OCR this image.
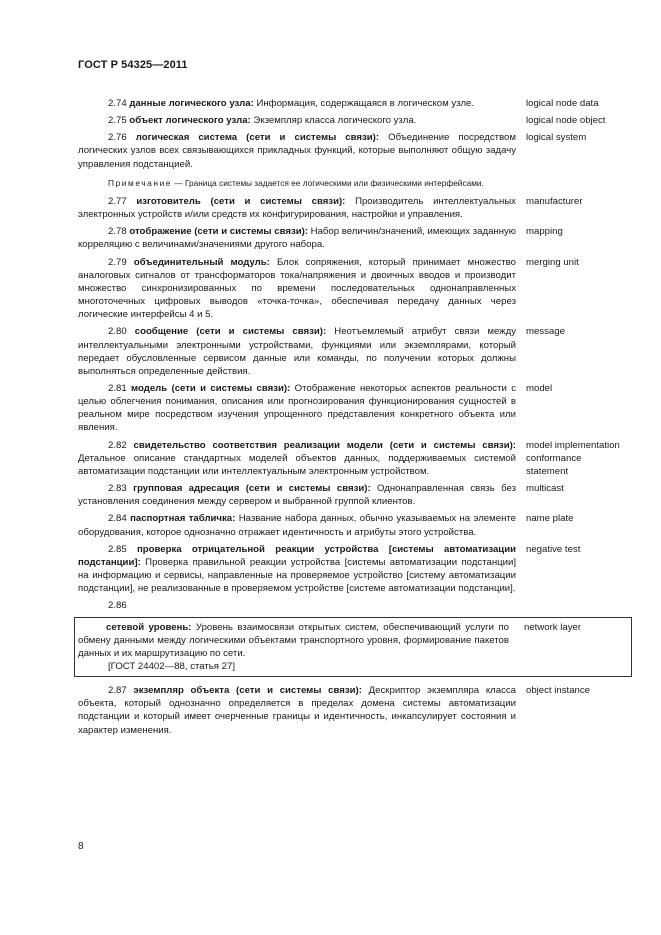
ГОСТ Р 54325—2011

2.74 данные логического узла: Информация, содержащаяся в логическом узле.	logical node data

2.75 объект логического узла: Экземпляр класса логического узла.	logical node object

2.76 логическая система (сети и системы связи): Объединение посредством логических узлов всех связывающихся прикладных функций, которые выполняют общую задачу управления подстанцией.

logical system

Примечание — Граница системы задается ее логическими или физическими интерфейсами.

2.77 изготовитель (сети и системы связи): Производитель интеллектуальных электронных устройств и/или средств их конфигурирования, настройки и управления.

manufacturer

2.78 отображение (сети и системы связи): Набор величин/значений, имеющих заданную корреляцию с величинами/значениями другого набора.

mapping

2.79 объединительный модуль: Блок сопряжения, который принимает множество аналоговых сигналов от трансформаторов тока/напряжения и двоичных вводов и производит множество синхронизированных по времени последовательных однонаправленных многоточечных цифровых выводов «точка-точка», обеспечивая передачу данных через логические интерфейсы 4 и 5.

merging unit

2.80 сообщение (сети и системы связи): Неотъемлемый атрибут связи между интеллектуальными электронными устройствами, функциями или экземплярами, который передает обусловленные сервисом данные или команды, по получении которых должны выполняться определенные действия.

message

2.81 модель (сети и системы связи): Отображение некоторых аспектов реальности с целью облегчения понимания, описания или прогнозирования функционирования сущностей в реальном мире посредством изучения упрощенного представления конкретного объекта или явления.

model

2.82 свидетельство соответствия реализации модели (сети и системы связи): Детальное описание стандартных моделей объектов данных, поддерживаемых системой автоматизации подстанции или интеллектуальным электронным устройством.

model implementation conformance statement

2.83 групповая адресация (сети и системы связи): Однонаправленная связь без установления соединения между сервером и выбранной группой клиентов.

multicast

2.84 паспортная табличка: Название набора данных, обычно указываемых на элементе оборудования, которое однозначно отражает идентичность и атрибуты этого устройства.

name plate

2.85 проверка отрицательной реакции устройства [системы автоматизации подстанции]: Проверка правильной реакции устройства [системы автоматизации подстанции] на информацию и сервисы, направленные на проверяемое устройство [систему автоматизации подстанции], не реализованные в проверяемом устройстве [системе автоматизации подстанции].

negative test
2.86

сетевой уровень: Уровень взаимосвязи открытых систем, обеспечивающий услуги по обмену данными между логическими объектами транспортного уровня, формирование пакетов данных и их маршрутизацию по сети.

[ГОСТ 24402—88, статья 27]

network layer

2.87 экземпляр объекта (сети и системы связи): Дескриптор экземпляра класса объекта, который однозначно определяется в пределах домена системы автоматизации подстанции и который имеет очерченные границы и идентичность, инкапсулирует состояния и характер изменения.

object instance
8
